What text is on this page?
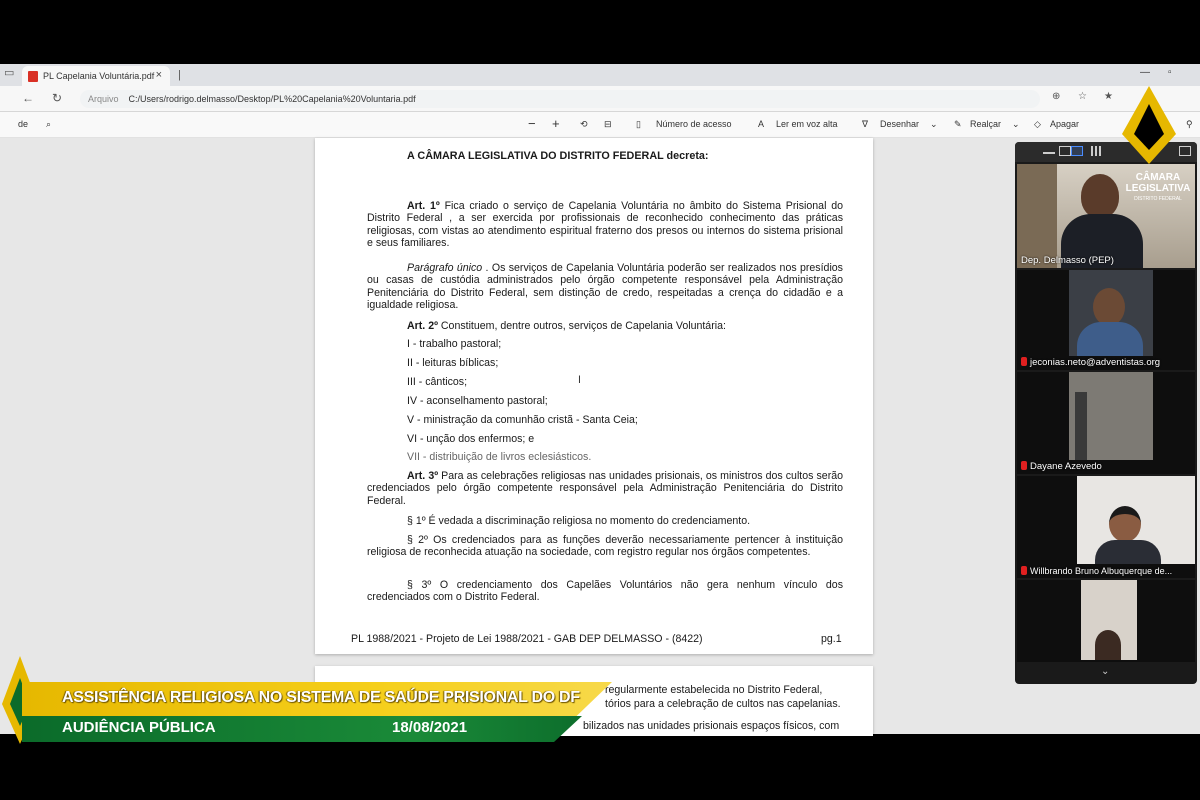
▭	PL Capelania Voluntária.pdf × |	— ▫
← ↻	Arquivo C:/Users/rodrigo.delmasso/Desktop/PL%20Capelania%20Voluntaria.pdf	⊕ ☆ ★
de ⌕	− + ⟲ ⊟	▯ Número de acesso	A Ler em voz alta	∇ Desenhar ⌄ ✎ Realçar ⌄ ◇ Apagar	⚲
A CÂMARA LEGISLATIVA DO DISTRITO FEDERAL decreta:
Art. 1º Fica criado o serviço de Capelania Voluntária no âmbito do Sistema Prisional do Distrito Federal , a ser exercida por profissionais de reconhecido conhecimento das práticas religiosas, com vistas ao atendimento espiritual fraterno dos presos ou internos do sistema prisional e seus familiares.
Parágrafo único . Os serviços de Capelania Voluntária poderão ser realizados nos presídios ou casas de custódia administrados pelo órgão competente responsável pela Administração Penitenciária do Distrito Federal, sem distinção de credo, respeitadas a crença do cidadão e a igualdade religiosa.
Art. 2º Constituem, dentre outros, serviços de Capelania Voluntária:
I - trabalho pastoral;
II - leituras bíblicas;
III - cânticos;
IV - aconselhamento pastoral;
V - ministração da comunhão cristã - Santa Ceia;
VI - unção dos enfermos; e
VII - distribuição de livros eclesiásticos.
I
Art. 3º Para as celebrações religiosas nas unidades prisionais, os ministros dos cultos serão credenciados pelo órgão competente responsável pela Administração Penitenciária do Distrito Federal.
§ 1º É vedada a discriminação religiosa no momento do credenciamento.
§ 2º Os credenciados para as funções deverão necessariamente pertencer à instituição religiosa de reconhecida atuação na sociedade, com registro regular nos órgãos competentes.
§ 3º O credenciamento dos Capelães Voluntários não gera nenhum vínculo dos credenciados com o Distrito Federal.
PL 1988/2021 - Projeto de Lei 1988/2021 - GAB DEP DELMASSO - (8422)	pg.1
regularmente estabelecida no Distrito Federal,
tórios para a celebração de cultos nas capelanias.
bilizados nas unidades prisionais espaços físicos, com
CÂMARA
LEGISLATIVA
DISTRITO FEDERAL
Dep. Delmasso (PEP)
jeconias.neto@adventistas.org
Dayane Azevedo
Willbrando Bruno Albuquerque de...
⌄
ASSISTÊNCIA RELIGIOSA NO SISTEMA DE SAÚDE PRISIONAL DO DF
AUDIÊNCIA PÚBLICA	18/08/2021
